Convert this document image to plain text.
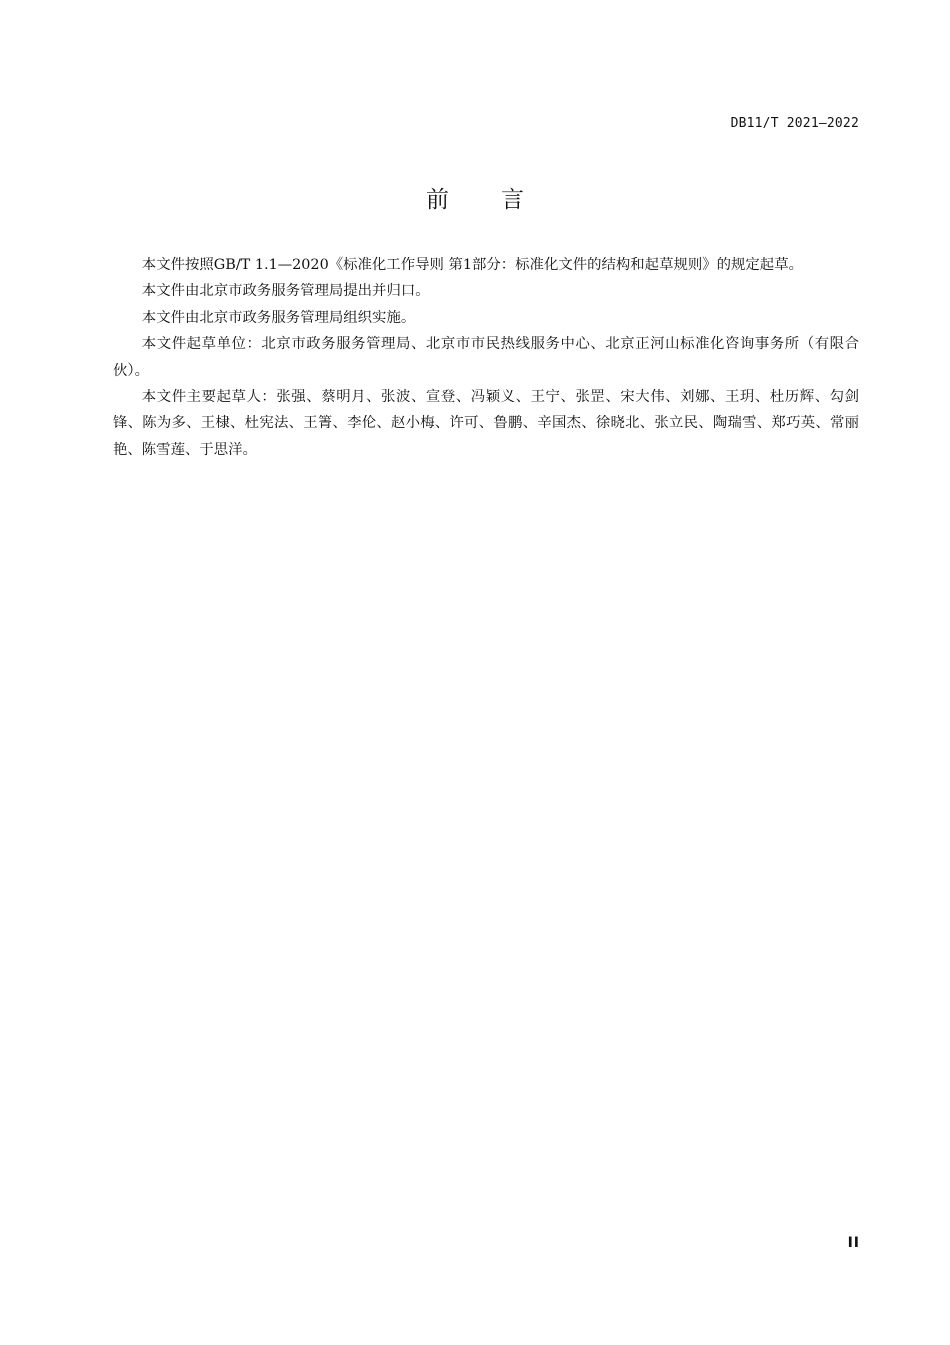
DB11/T 2021—2022
前 言

本文件按照GB/T 1.1—2020《标准化工作导则 第1部分：标准化文件的结构和起草规则》的规定起草。

本文件由北京市政务服务管理局提出并归口。

本文件由北京市政务服务管理局组织实施。

本文件起草单位：北京市政务服务管理局、北京市市民热线服务中心、北京正河山标准化咨询事务所（有限合伙）。

本文件主要起草人：张强、蔡明月、张波、宣登、冯颖义、王宁、张罡、宋大伟、刘娜、王玥、杜历辉、勾剑锋、陈为多、王棣、杜宪法、王箐、李伦、赵小梅、许可、鲁鹏、辛国杰、徐晓北、张立民、陶瑞雪、郑巧英、常丽艳、陈雪莲、于思洋。

II
